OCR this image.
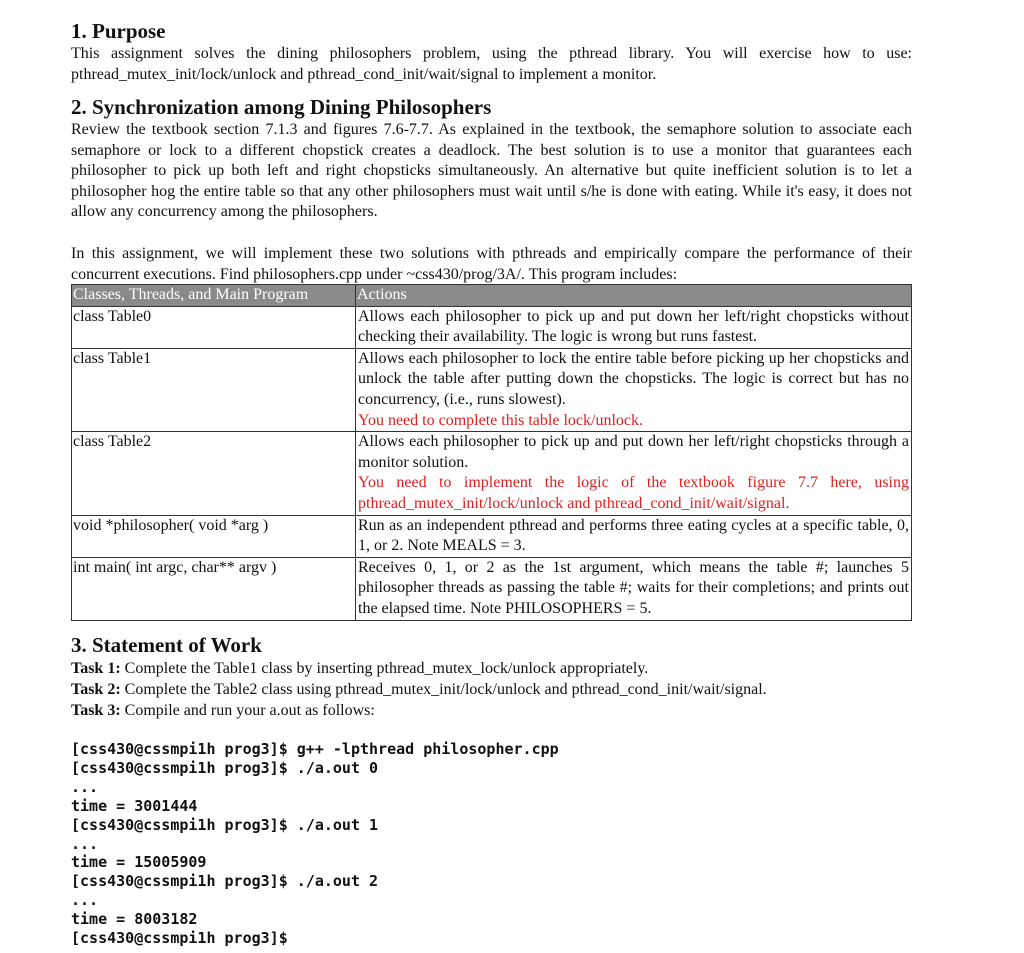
1. Purpose

This assignment solves the dining philosophers problem, using the pthread library. You will exercise how to use: pthread_mutex_init/lock/unlock and pthread_cond_init/wait/signal to implement a monitor.

2. Synchronization among Dining Philosophers

Review the textbook section 7.1.3 and figures 7.6-7.7. As explained in the textbook, the semaphore solution to associate each semaphore or lock to a different chopstick creates a deadlock. The best solution is to use a monitor that guarantees each philosopher to pick up both left and right chopsticks simultaneously. An alternative but quite inefficient solution is to let a philosopher hog the entire table so that any other philosophers must wait until s/he is done with eating. While it's easy, it does not allow any concurrency among the philosophers.

In this assignment, we will implement these two solutions with pthreads and empirically compare the performance of their concurrent executions. Find philosophers.cpp under ~css430/prog/3A/. This program includes:

Classes, Threads, and Main Program	Actions
class Table0	Allows each philosopher to pick up and put down her left/right chopsticks without checking their availability. The logic is wrong but runs fastest.
class Table1	Allows each philosopher to lock the entire table before picking up her chopsticks and unlock the table after putting down the chopsticks. The logic is correct but has no concurrency, (i.e., runs slowest).
You need to complete this table lock/unlock.
class Table2	Allows each philosopher to pick up and put down her left/right chopsticks through a monitor solution.
You need to implement the logic of the textbook figure 7.7 here, using pthread_mutex_init/lock/unlock and pthread_cond_init/wait/signal.
void *philosopher( void *arg )	Run as an independent pthread and performs three eating cycles at a specific table, 0, 1, or 2. Note MEALS = 3.
int main( int argc, char** argv )	Receives 0, 1, or 2 as the 1st argument, which means the table #; launches 5 philosopher threads as passing the table #; waits for their completions; and prints out the elapsed time. Note PHILOSOPHERS = 5.
3. Statement of Work

Task 1: Complete the Table1 class by inserting pthread_mutex_lock/unlock appropriately.

Task 2: Complete the Table2 class using pthread_mutex_init/lock/unlock and pthread_cond_init/wait/signal.

Task 3: Compile and run your a.out as follows:

[css430@cssmpi1h prog3]$ g++ -lpthread philosopher.cpp
[css430@cssmpi1h prog3]$ ./a.out 0
...
time = 3001444
[css430@cssmpi1h prog3]$ ./a.out 1
...
time = 15005909
[css430@cssmpi1h prog3]$ ./a.out 2
...
time = 8003182
[css430@cssmpi1h prog3]$
